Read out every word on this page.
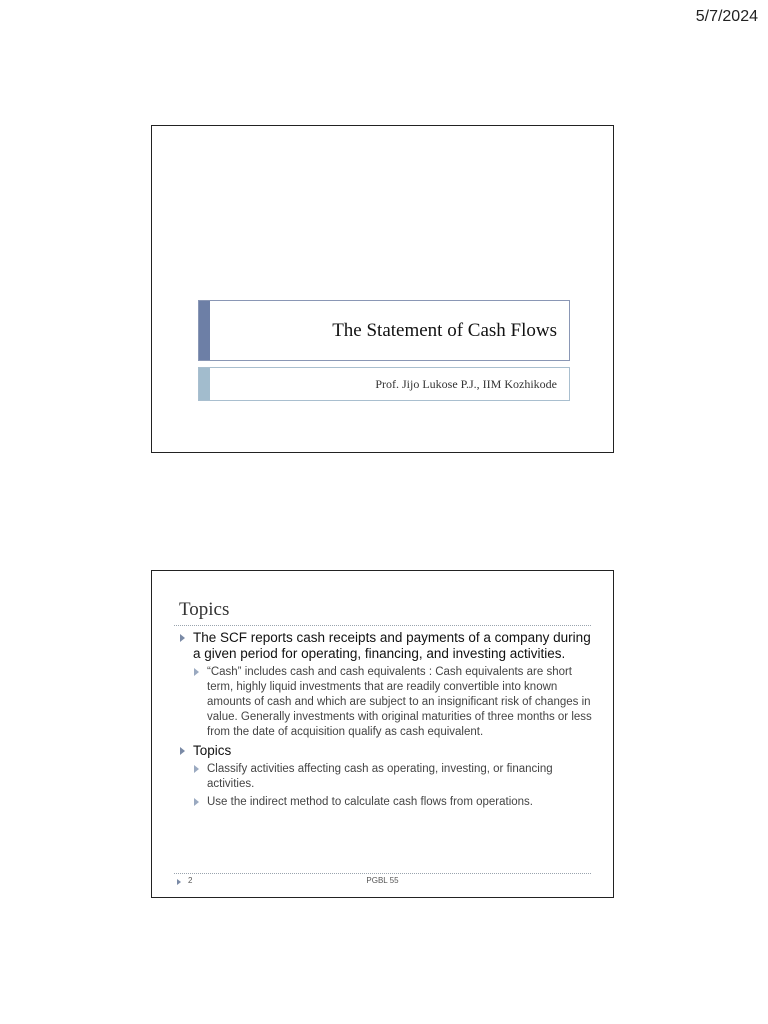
5/7/2024
The Statement of Cash Flows
Prof. Jijo Lukose P.J., IIM Kozhikode
Topics
The SCF reports cash receipts and payments of a company during a given period for operating, financing, and investing activities.
“Cash” includes cash and cash equivalents : Cash equivalents are short term, highly liquid investments that are readily convertible into known amounts of cash and which are subject to an insignificant risk of changes in value. Generally investments with original maturities of three months or less from the date of acquisition qualify as cash equivalent.
Topics
Classify activities affecting cash as operating, investing, or financing activities.
Use the indirect method to calculate cash flows from operations.
2	PGBL 55
